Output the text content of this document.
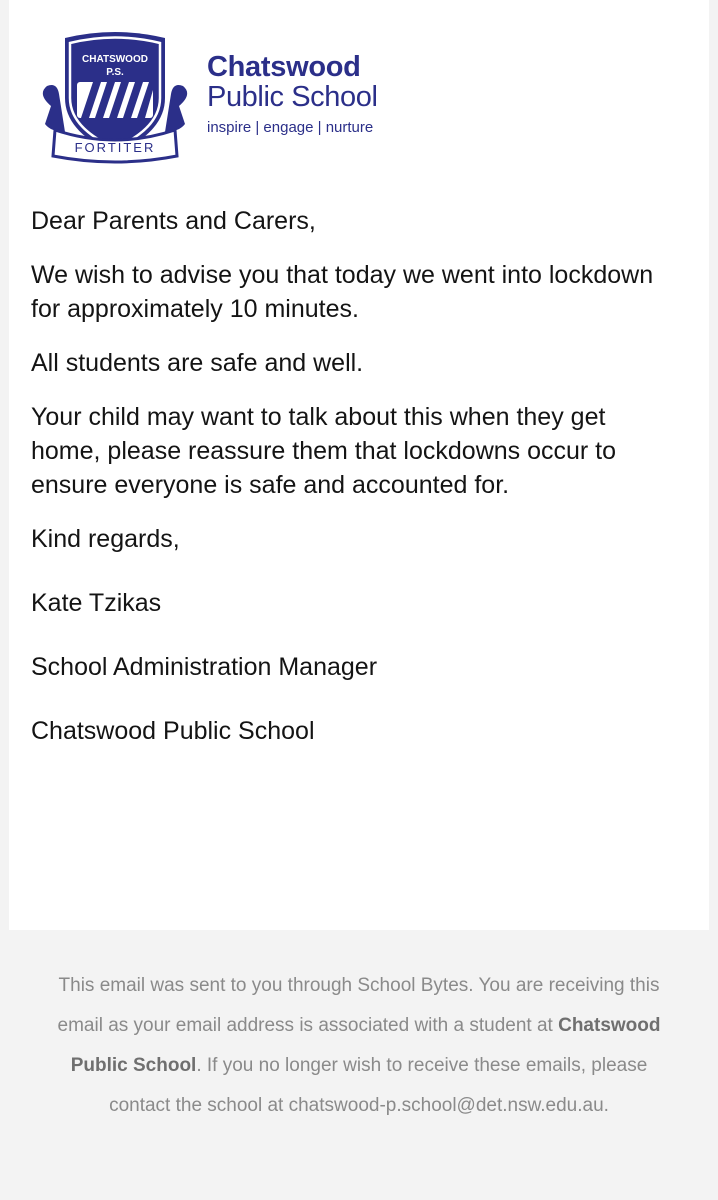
CHATSWOOD
P.S.
FORTITER
Chatswood
Public School
inspire | engage | nurture

Dear Parents and Carers,

We wish to advise you that today we went into lockdown for approximately 10 minutes.

All students are safe and well.

Your child may want to talk about this when they get home, please reassure them that lockdowns occur to ensure everyone is safe and accounted for.

Kind regards,

Kate Tzikas

School Administration Manager

Chatswood Public School

This email was sent to you through School Bytes. You are receiving this email as your email address is associated with a student at Chatswood Public School. If you no longer wish to receive these emails, please contact the school at chatswood-p.school@det.nsw.edu.au.
